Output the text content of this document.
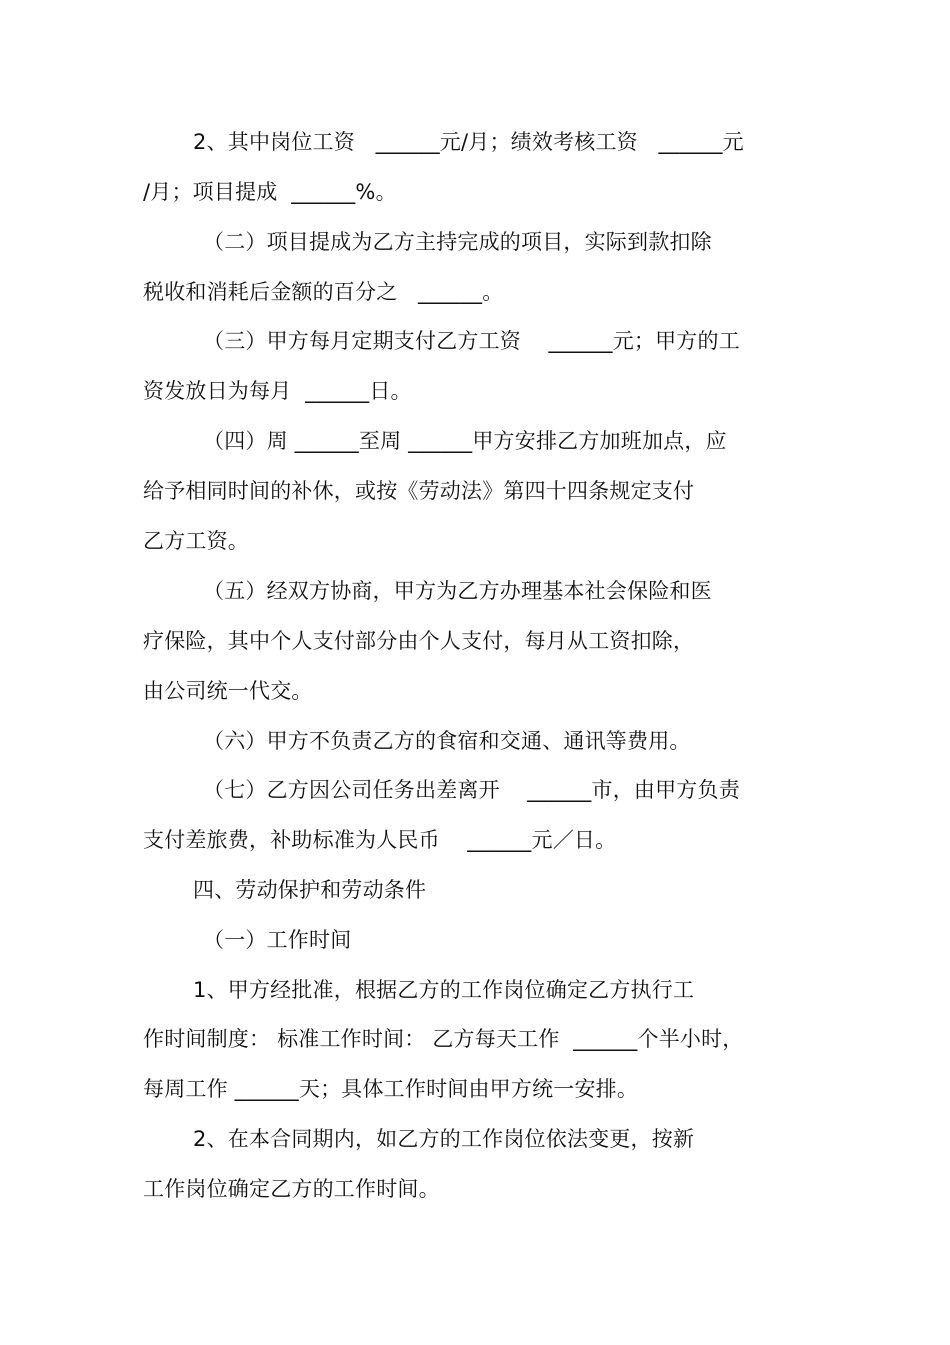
2、其中岗位工资   ______元/月；绩效考核工资   ______元
/月；项目提成  ______%。
（二）项目提成为乙方主持完成的项目，实际到款扣除
税收和消耗后金额的百分之   ______。
（三）甲方每月定期支付乙方工资    ______元；甲方的工
资发放日为每月  ______日。
（四）周 ______至周 ______甲方安排乙方加班加点，应
给予相同时间的补休，或按《劳动法》第四十四条规定支付
乙方工资。
（五）经双方协商，甲方为乙方办理基本社会保险和医
疗保险，其中个人支付部分由个人支付，每月从工资扣除，
由公司统一代交。
（六）甲方不负责乙方的食宿和交通、通讯等费用。
（七）乙方因公司任务出差离开    ______市，由甲方负责
支付差旅费，补助标准为人民币    ______元／日。
四、劳动保护和劳动条件
（一）工作时间
1、甲方经批准，根据乙方的工作岗位确定乙方执行工
作时间制度： 标准工作时间： 乙方每天工作  ______个半小时，
每周工作 ______天；具体工作时间由甲方统一安排。
2、在本合同期内，如乙方的工作岗位依法变更，按新
工作岗位确定乙方的工作时间。
